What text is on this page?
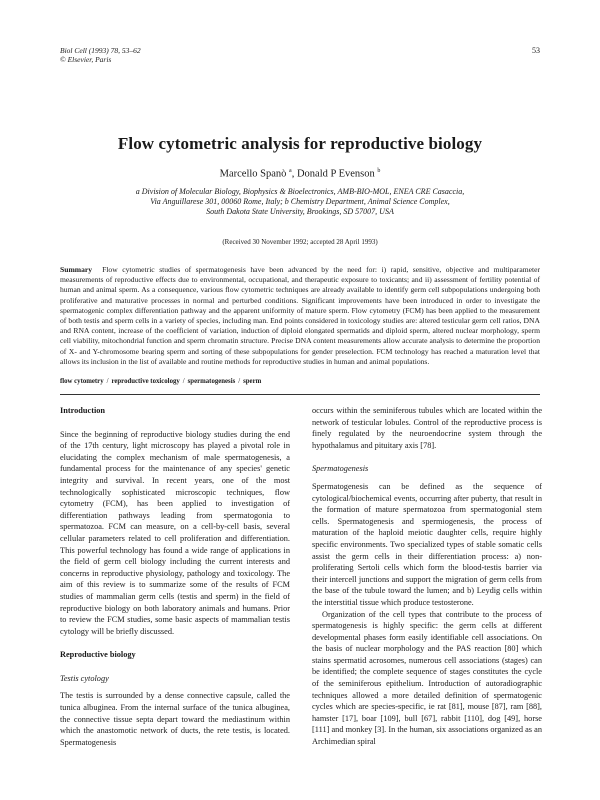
Biol Cell (1993) 78, 53–62
© Elsevier, Paris
53
Flow cytometric analysis for reproductive biology
Marcello Spanò $^a$, Donald P Evenson $^b$
a Division of Molecular Biology, Biophysics & Bioelectronics, AMB-BIO-MOL, ENEA CRE Casaccia,
Via Anguillarese 301, 00060 Rome, Italy; b Chemistry Department, Animal Science Complex,
South Dakota State University, Brookings, SD 57007, USA
(Received 30 November 1992; accepted 28 April 1993)
Summary Flow cytometric studies of spermatogenesis have been advanced by the need for: i) rapid, sensitive, objective and multiparameter measurements of reproductive effects due to environmental, occupational, and therapeutic exposure to toxicants; and ii) assessment of fertility potential of human and animal sperm. As a consequence, various flow cytometric techniques are already available to identify germ cell subpopulations undergoing both proliferative and maturative processes in normal and perturbed conditions. Significant improvements have been introduced in order to investigate the spermatogenic complex differentiation pathway and the apparent uniformity of mature sperm. Flow cytometry (FCM) has been applied to the measurement of both testis and sperm cells in a variety of species, including man. End points considered in toxicology studies are: altered testicular germ cell ratios, DNA and RNA content, increase of the coefficient of variation, induction of diploid elongated spermatids and diploid sperm, altered nuclear morphology, sperm cell viability, mitochondrial function and sperm chromatin structure. Precise DNA content measurements allow accurate analysis to determine the proportion of X- and Y-chromosome bearing sperm and sorting of these subpopulations for gender preselection. FCM technology has reached a maturation level that allows its inclusion in the list of available and routine methods for reproductive studies in human and animal populations.
flow cytometry / reproductive toxicology / spermatogenesis / sperm
Introduction

Since the beginning of reproductive biology studies during the end of the 17th century, light microscopy has played a pivotal role in elucidating the complex mechanism of male spermatogenesis, a fundamental process for the maintenance of any species' genetic integrity and survival. In recent years, one of the most technologically sophisticated microscopic techniques, flow cytometry (FCM), has been applied to investigation of differentiation pathways leading from spermatogonia to spermatozoa. FCM can measure, on a cell-by-cell basis, several cellular parameters related to cell proliferation and differentiation. This powerful technology has found a wide range of applications in the field of germ cell biology including the current interests and concerns in reproductive physiology, pathology and toxicology. The aim of this review is to summarize some of the results of FCM studies of mammalian germ cells (testis and sperm) in the field of reproductive biology on both laboratory animals and humans. Prior to review the FCM studies, some basic aspects of mammalian testis cytology will be briefly discussed.

Reproductive biology
Testis cytology

The testis is surrounded by a dense connective capsule, called the tunica albuginea. From the internal surface of the tunica albuginea, the connective tissue septa depart toward the mediastinum within which the anastomotic network of ducts, the rete testis, is located. Spermatogenesis

occurs within the seminiferous tubules which are located within the network of testicular lobules. Control of the reproductive process is finely regulated by the neuroendocrine system through the hypothalamus and pituitary axis [78].

Spermatogenesis

Spermatogenesis can be defined as the sequence of cytological/biochemical events, occurring after puberty, that result in the formation of mature spermatozoa from spermatogonial stem cells. Spermatogenesis and spermiogenesis, the process of maturation of the haploid meiotic daughter cells, require highly specific environments. Two specialized types of stable somatic cells assist the germ cells in their differentiation process: a) non-proliferating Sertoli cells which form the blood-testis barrier via their intercell junctions and support the migration of germ cells from the base of the tubule toward the lumen; and b) Leydig cells within the interstitial tissue which produce testosterone.

Organization of the cell types that contribute to the process of spermatogenesis is highly specific: the germ cells at different developmental phases form easily identifiable cell associations. On the basis of nuclear morphology and the PAS reaction [80] which stains spermatid acrosomes, numerous cell associations (stages) can be identified; the complete sequence of stages constitutes the cycle of the seminiferous epithelium. Introduction of autoradiographic techniques allowed a more detailed definition of spermatogenic cycles which are species-specific, ie rat [81], mouse [87], ram [88], hamster [17], boar [109], bull [67], rabbit [110], dog [49], horse [111] and monkey [3]. In the human, six associations organized as an Archimedian spiral
